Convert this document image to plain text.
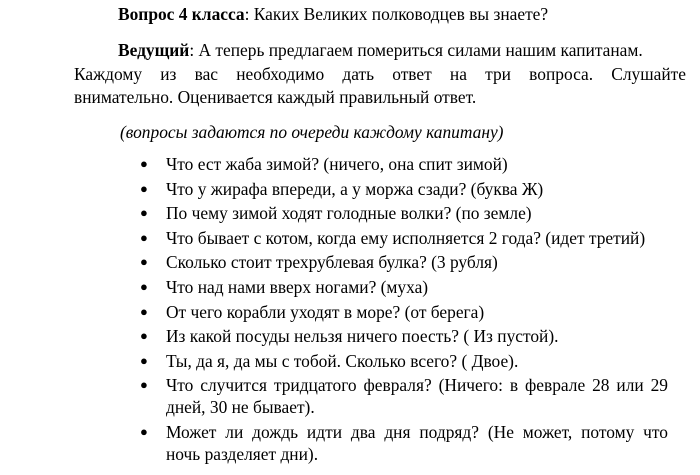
Вопрос 4 класса: Каких Великих полководцев вы знаете?
Ведущий: А теперь предлагаем помериться силами нашим капитанам.
Каждому из вас необходимо дать ответ на три вопроса. Слушайте
внимательно. Оценивается каждый правильный ответ.
(вопросы задаются по очереди каждому капитану)
● Что ест жаба зимой? (ничего, она спит зимой)
● Что у жирафа впереди, а у моржа сзади? (буква Ж)
● По чему зимой ходят голодные волки? (по земле)
● Что бывает с котом, когда ему исполняется 2 года? (идет третий)
● Сколько стоит трехрублевая булка? (3 рубля)
● Что над нами вверх ногами? (муха)
● От чего корабли уходят в море? (от берега)
● Из какой посуды нельзя ничего поесть? ( Из пустой).
● Ты, да я, да мы с тобой. Сколько всего? ( Двое).
● Что случится тридцатого февраля? (Ничего: в феврале 28 или 29
дней, 30 не бывает).
● Может ли дождь идти два дня подряд? (Не может, потому что
ночь разделяет дни).
